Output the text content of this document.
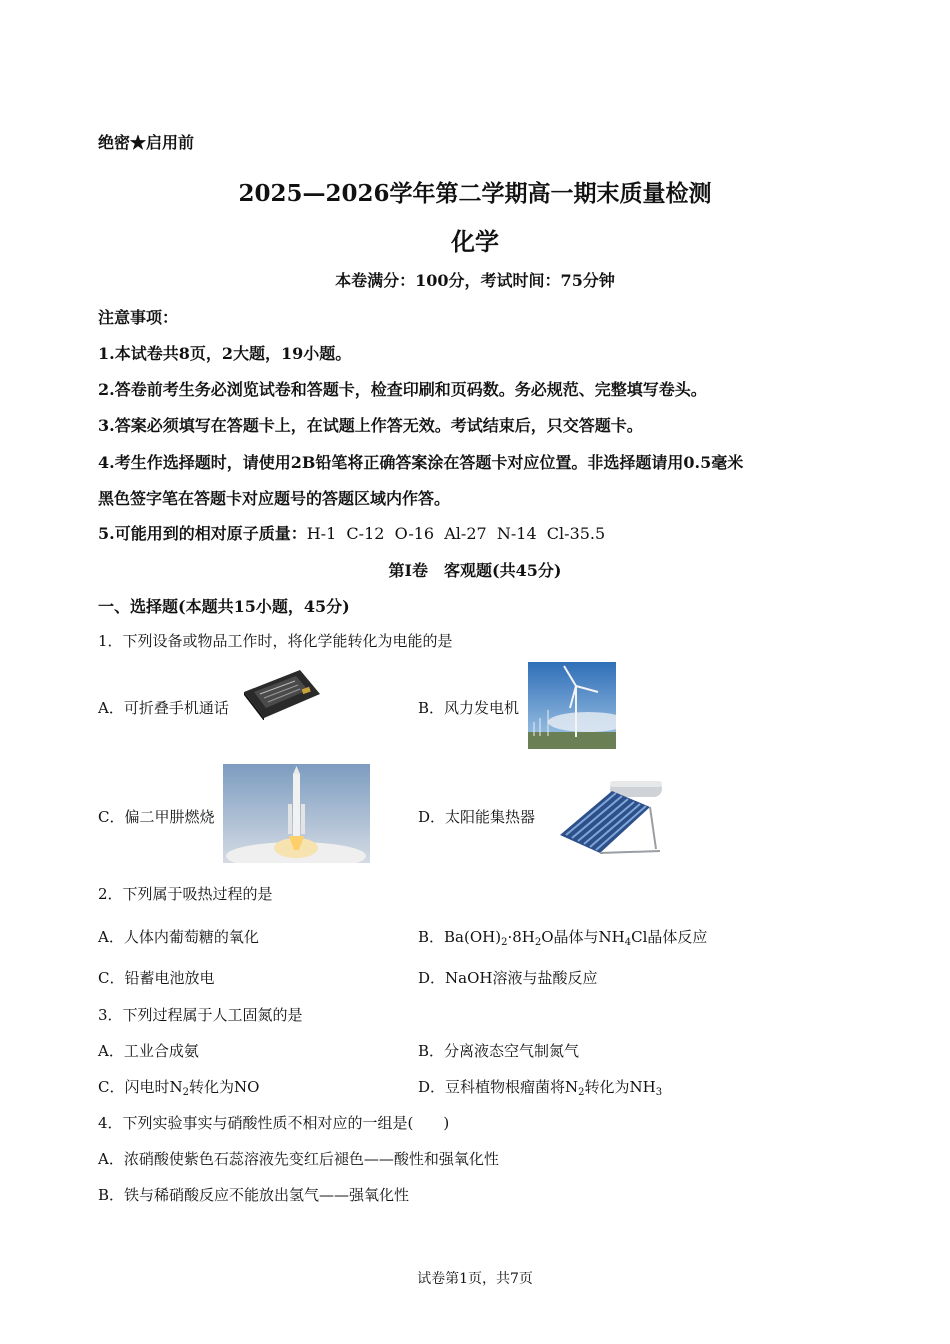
绝密★启用前
2025—2026学年第二学期高一期末质量检测
化学
本卷满分：100分，考试时间：75分钟
注意事项：
1.本试卷共8页，2大题，19小题。
2.答卷前考生务必浏览试卷和答题卡，检查印刷和页码数。务必规范、完整填写卷头。
3.答案必须填写在答题卡上，在试题上作答无效。考试结束后，只交答题卡。
4.考生作选择题时，请使用2B铅笔将正确答案涂在答题卡对应位置。非选择题请用0.5毫米
黑色签字笔在答题卡对应题号的答题区域内作答。
5.可能用到的相对原子质量：H-1  C-12  O-16  Al-27  N-14  Cl-35.5
第Ⅰ卷　客观题(共45分)
一、选择题(本题共15小题，45分)
1．下列设备或物品工作时，将化学能转化为电能的是
A．可折叠手机通话	B．风力发电机
C．偏二甲肼燃烧	D．太阳能集热器
2．下列属于吸热过程的是
A．人体内葡萄糖的氧化	B．$Ba(OH)_2\cdot 8H_2O$晶体与$NH_4Cl$晶体反应
C．铅蓄电池放电	D．NaOH溶液与盐酸反应
3．下列过程属于人工固氮的是
A．工业合成氨	B．分离液态空气制氮气
C．闪电时$N_2$转化为NO	D．豆科植物根瘤菌将$N_2$转化为$NH_3$
4．下列实验事实与硝酸性质不相对应的一组是(　　)
A．浓硝酸使紫色石蕊溶液先变红后褪色——酸性和强氧化性
B．铁与稀硝酸反应不能放出氢气——强氧化性
试卷第1页，共7页
